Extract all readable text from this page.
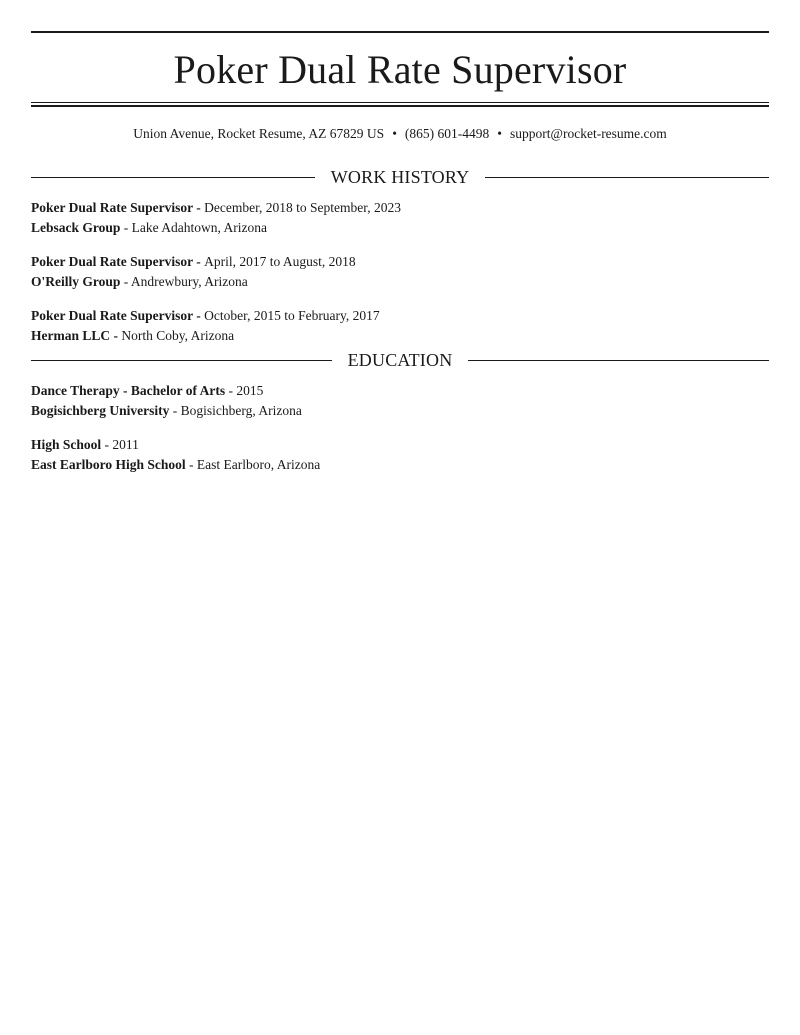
Poker Dual Rate Supervisor
Union Avenue, Rocket Resume, AZ 67829 US • (865) 601-4498 • support@rocket-resume.com
WORK HISTORY
Poker Dual Rate Supervisor - December, 2018 to September, 2023
Lebsack Group - Lake Adahtown, Arizona
Poker Dual Rate Supervisor - April, 2017 to August, 2018
O'Reilly Group - Andrewbury, Arizona
Poker Dual Rate Supervisor - October, 2015 to February, 2017
Herman LLC - North Coby, Arizona
EDUCATION
Dance Therapy - Bachelor of Arts - 2015
Bogisichberg University - Bogisichberg, Arizona
High School - 2011
East Earlboro High School - East Earlboro, Arizona
